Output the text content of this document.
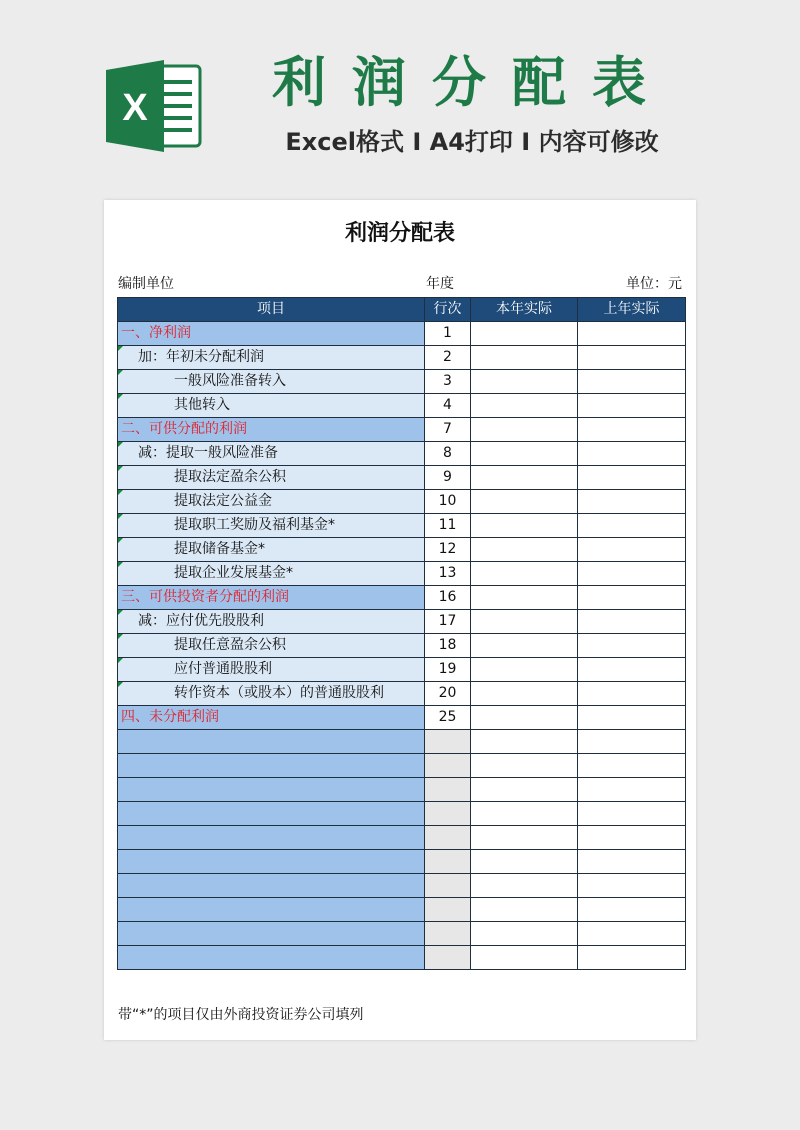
X 利润分配表
Excel格式 I A4打印 I 内容可修改
利润分配表
编制单位	年度	单位：元
项目	行次	本年实际	上年实际
一、净利润	1		

加：年初未分配利润	2		

一般风险准备转入	3		

其他转入	4		
二、可供分配的利润	7		

减：提取一般风险准备	8		

提取法定盈余公积	9		

提取法定公益金	10		

提取职工奖励及福利基金*	11		

提取储备基金*	12		

提取企业发展基金*	13		
三、可供投资者分配的利润	16		

减：应付优先股股利	17		

提取任意盈余公积	18		

应付普通股股利	19		

转作资本（或股本）的普通股股利	20		
四、未分配利润	25		

带“*”的项目仅由外商投资证券公司填列
